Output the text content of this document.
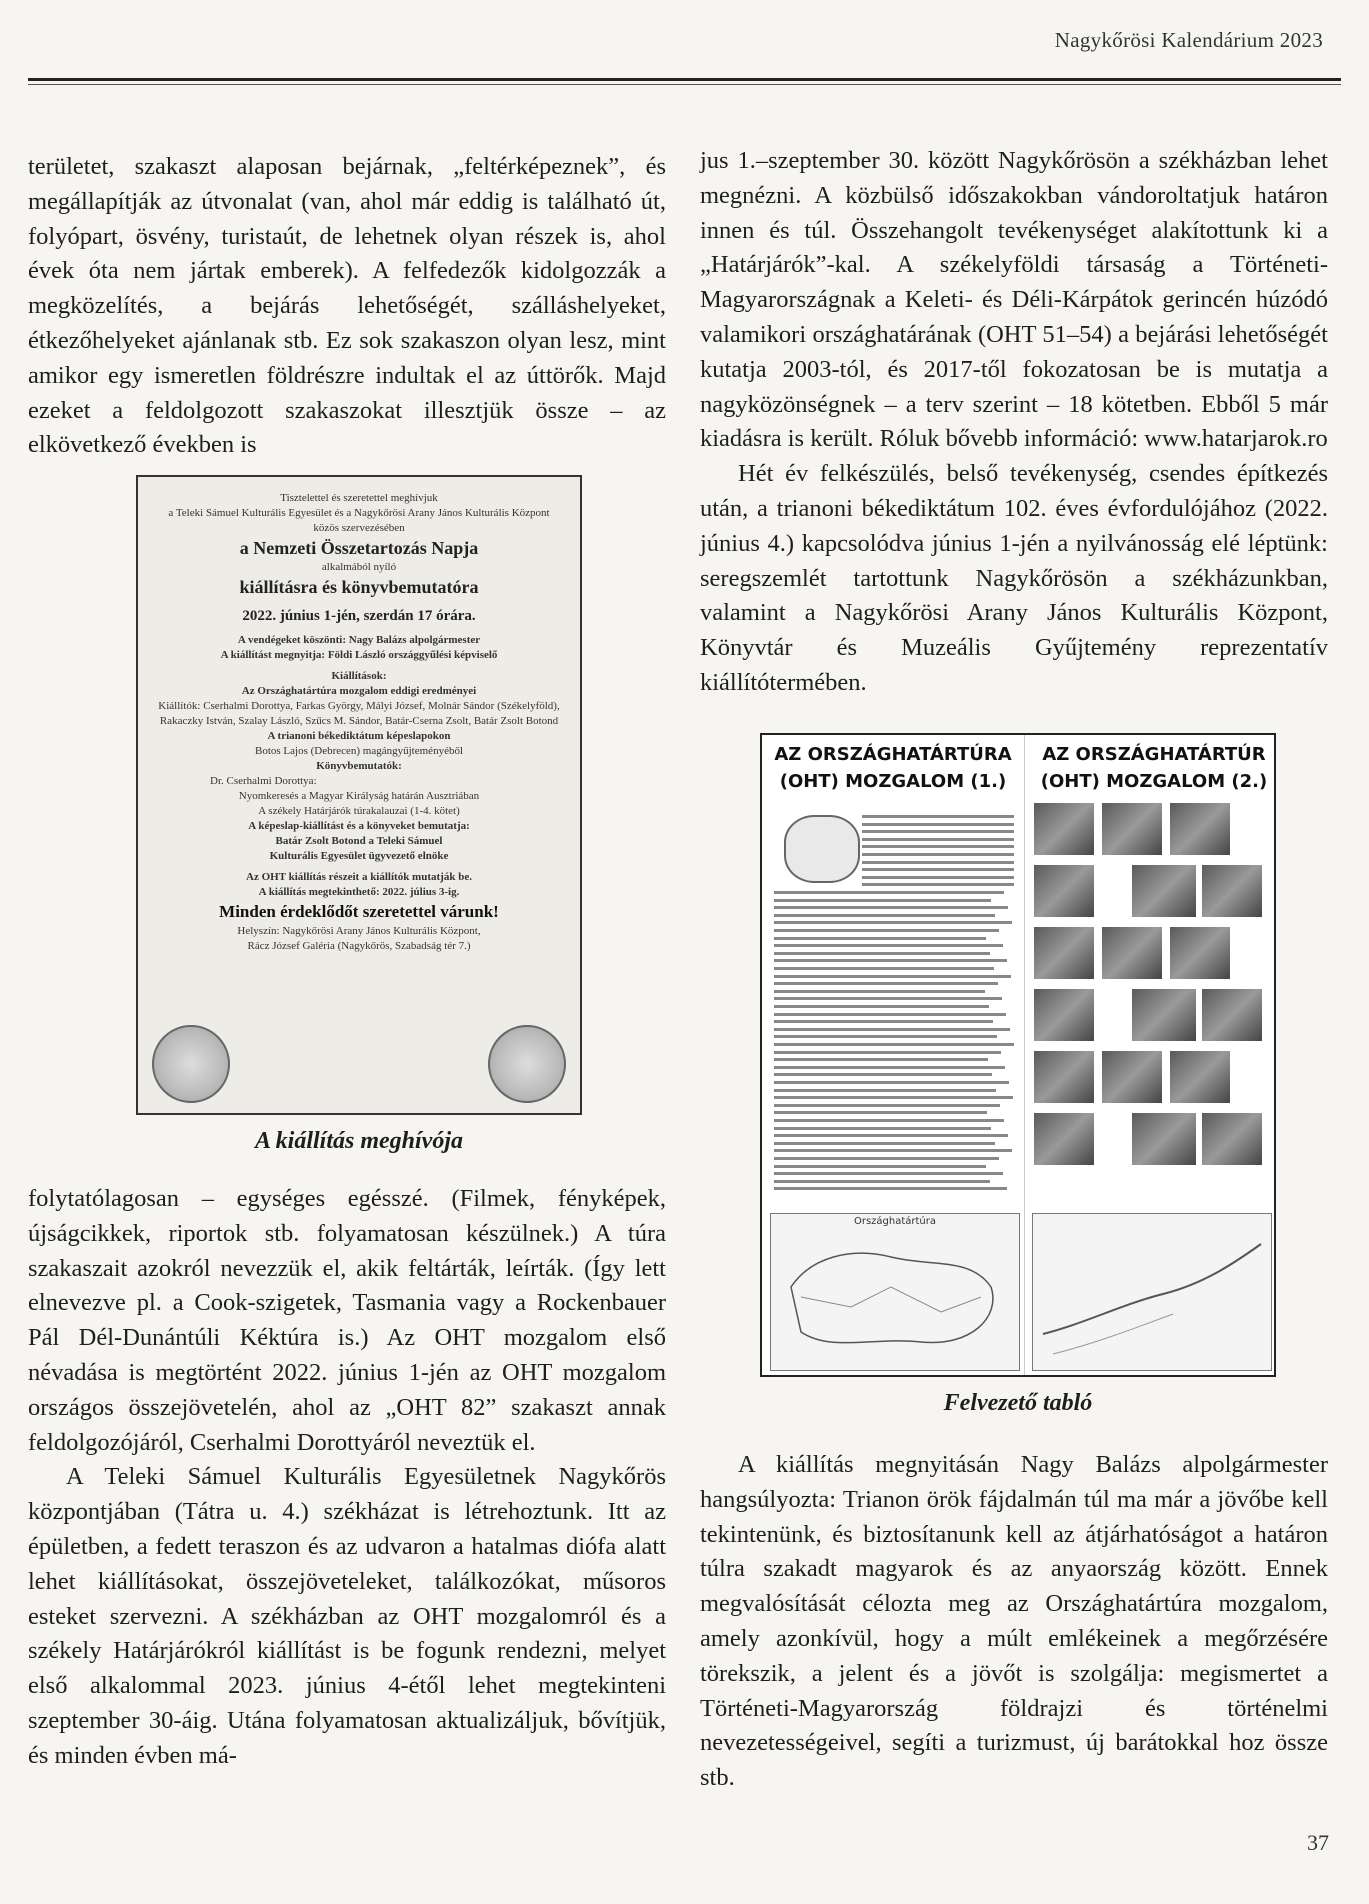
Nagykőrösi Kalendárium 2023

területet, szakaszt alaposan bejárnak, „feltérképeznek”, és megállapítják az útvonalat (van, ahol már eddig is található út, folyópart, ösvény, turistaút, de lehetnek olyan részek is, ahol évek óta nem jártak emberek). A felfedezők kidolgozzák a megközelítés, a bejárás lehetőségét, szálláshelyeket, étkezőhelyeket ajánlanak stb. Ez sok szakaszon olyan lesz, mint amikor egy ismeretlen földrészre indultak el az úttörők. Majd ezeket a feldolgozott szakaszokat illesztjük össze – az elkövetkező években is

Tisztelettel és szeretettel meghívjuk
a Teleki Sámuel Kulturális Egyesület és a Nagykőrösi Arany János Kulturális Központ közös szervezésében
a Nemzeti Összetartozás Napja
alkalmából nyíló
kiállításra és könyvbemutatóra
2022. június 1-jén, szerdán 17 órára.
A vendégeket köszönti: Nagy Balázs alpolgármester
A kiállítást megnyitja: Földi László országgyűlési képviselő
Kiállítások:
Az Országhatártúra mozgalom eddigi eredményei
Kiállítók: Cserhalmi Dorottya, Farkas György, Mályi József, Molnár Sándor (Székelyföld), Rakaczky István, Szalay László, Szűcs M. Sándor, Batár-Cserna Zsolt, Batár Zsolt Botond
A trianoni békediktátum képeslapokon
Botos Lajos (Debrecen) magángyűjteményéből
Könyvbemutatók:
Dr. Cserhalmi Dorottya:
Nyomkeresés a Magyar Királyság határán Ausztriában
A székely Határjárók túrakalauzai (1-4. kötet)
A képeslap-kiállítást és a könyveket bemutatja:
Batár Zsolt Botond a Teleki Sámuel
Kulturális Egyesület ügyvezető elnöke
Az OHT kiállítás részeit a kiállítók mutatják be.
A kiállítás megtekinthető: 2022. július 3-ig.
Minden érdeklődőt szeretettel várunk!
Helyszín: Nagykőrösi Arany János Kulturális Központ,
Rácz József Galéria (Nagykőrös, Szabadság tér 7.)
A kiállítás meghívója

folytatólagosan – egységes egésszé. (Filmek, fényképek, újságcikkek, riportok stb. folyamatosan készülnek.) A túra szakaszait azokról nevezzük el, akik feltárták, leírták. (Így lett elnevezve pl. a Cook-szigetek, Tasmania vagy a Rockenbauer Pál Dél-Dunántúli Kéktúra is.) Az OHT mozgalom első névadása is megtörtént 2022. június 1-jén az OHT mozgalom országos összejövetelén, ahol az „OHT 82” szakaszt annak feldolgozójáról, Cserhalmi Dorottyáról neveztük el.

A Teleki Sámuel Kulturális Egyesületnek Nagykőrös központjában (Tátra u. 4.) székházat is létrehoztunk. Itt az épületben, a fedett teraszon és az udvaron a hatalmas diófa alatt lehet kiállításokat, összejöveteleket, találkozókat, műsoros esteket szervezni. A székházban az OHT mozgalomról és a székely Határjárókról kiállítást is be fogunk rendezni, melyet első alkalommal 2023. június 4-étől lehet megtekinteni szeptember 30-áig. Utána folyamatosan aktualizáljuk, bővítjük, és minden évben má-

jus 1.–szeptember 30. között Nagykőrösön a székházban lehet megnézni. A közbülső időszakokban vándoroltatjuk határon innen és túl. Összehangolt tevékenységet alakítottunk ki a „Határjárók”-kal. A székelyföldi társaság a Történeti-Magyarországnak a Keleti- és Déli-Kárpátok gerincén húzódó valamikori országhatárának (OHT 51–54) a bejárási lehetőségét kutatja 2003-tól, és 2017-től fokozatosan be is mutatja a nagyközönségnek – a terv szerint – 18 kötetben. Ebből 5 már kiadásra is került. Róluk bővebb információ: www.hatarjarok.ro

Hét év felkészülés, belső tevékenység, csendes építkezés után, a trianoni békediktátum 102. éves évfordulójához (2022. június 4.) kapcsolódva június 1-jén a nyilvánosság elé léptünk: seregszemlét tartottunk Nagykőrösön a székházunkban, valamint a Nagykőrösi Arany János Kulturális Központ, Könyvtár és Muzeális Gyűjtemény reprezentatív kiállítótermében.

AZ ORSZÁGHATÁRTÚRA
(OHT) MOZGALOM (1.)
AZ ORSZÁGHATÁRTÚR
(OHT) MOZGALOM (2.)
Országhatártúra
Felvezető tabló

A kiállítás megnyitásán Nagy Balázs alpolgármester hangsúlyozta: Trianon örök fájdalmán túl ma már a jövőbe kell tekintenünk, és biztosítanunk kell az átjárhatóságot a határon túlra szakadt magyarok és az anyaország között. Ennek megvalósítását célozta meg az Országhatártúra mozgalom, amely azonkívül, hogy a múlt emlékeinek a megőrzésére törekszik, a jelent és a jövőt is szolgálja: megismertet a Történeti-Magyarország földrajzi és történelmi nevezetességeivel, segíti a turizmust, új barátokkal hoz össze stb.

37
